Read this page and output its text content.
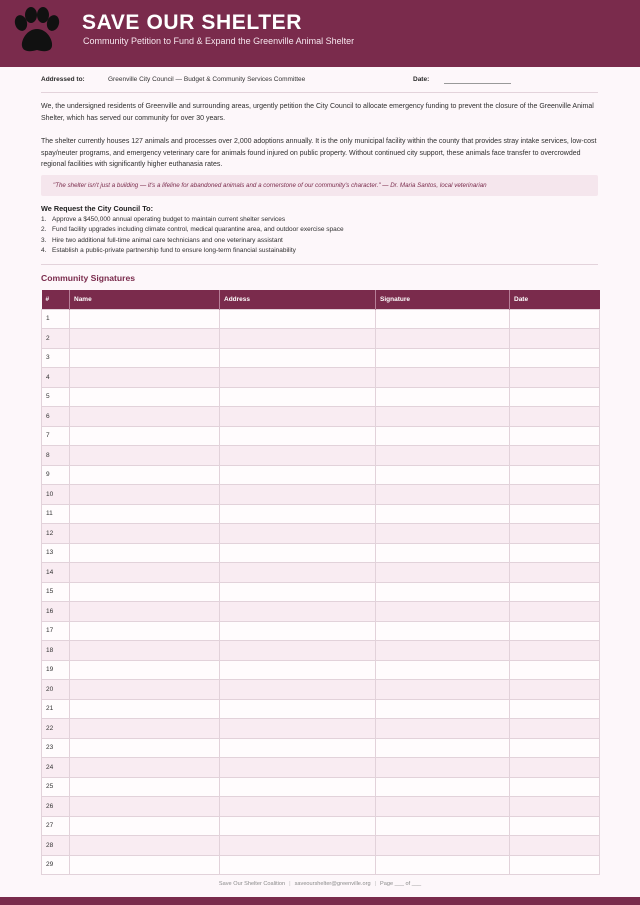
SAVE OUR SHELTER
Community Petition to Fund & Expand the Greenville Animal Shelter
Addressed to:	Greenville City Council — Budget & Community Services Committee	Date:

We, the undersigned residents of Greenville and surrounding areas, urgently petition the City Council to allocate emergency funding to prevent the closure of the Greenville Animal Shelter, which has served our community for over 30 years.

The shelter currently houses 127 animals and processes over 2,000 adoptions annually. It is the only municipal facility within the county that provides stray intake services, low-cost spay/neuter programs, and emergency veterinary care for animals found injured on public property. Without continued city support, these animals face transfer to overcrowded regional facilities with significantly higher euthanasia rates.

"The shelter isn't just a building — it's a lifeline for abandoned animals and a cornerstone of our community's character." — Dr. Maria Santos, local veterinarian
We Request the City Council To:
1. Approve a $450,000 annual operating budget to maintain current shelter services
2. Fund facility upgrades including climate control, medical quarantine area, and outdoor exercise space
3. Hire two additional full-time animal care technicians and one veterinary assistant
4. Establish a public-private partnership fund to ensure long-term financial sustainability
Community Signatures
#	Name	Address	Signature	Date
1				
2				
3				
4				
5				
6				
7				
8				
9				
10				
11				
12				
13				
14				
15				
16				
17				
18				
19				
20				
21				
22				
23				
24				
25				
26				
27				
28				
29				
Save Our Shelter Coalition | saveourshelter@greenville.org | Page ___ of ___
